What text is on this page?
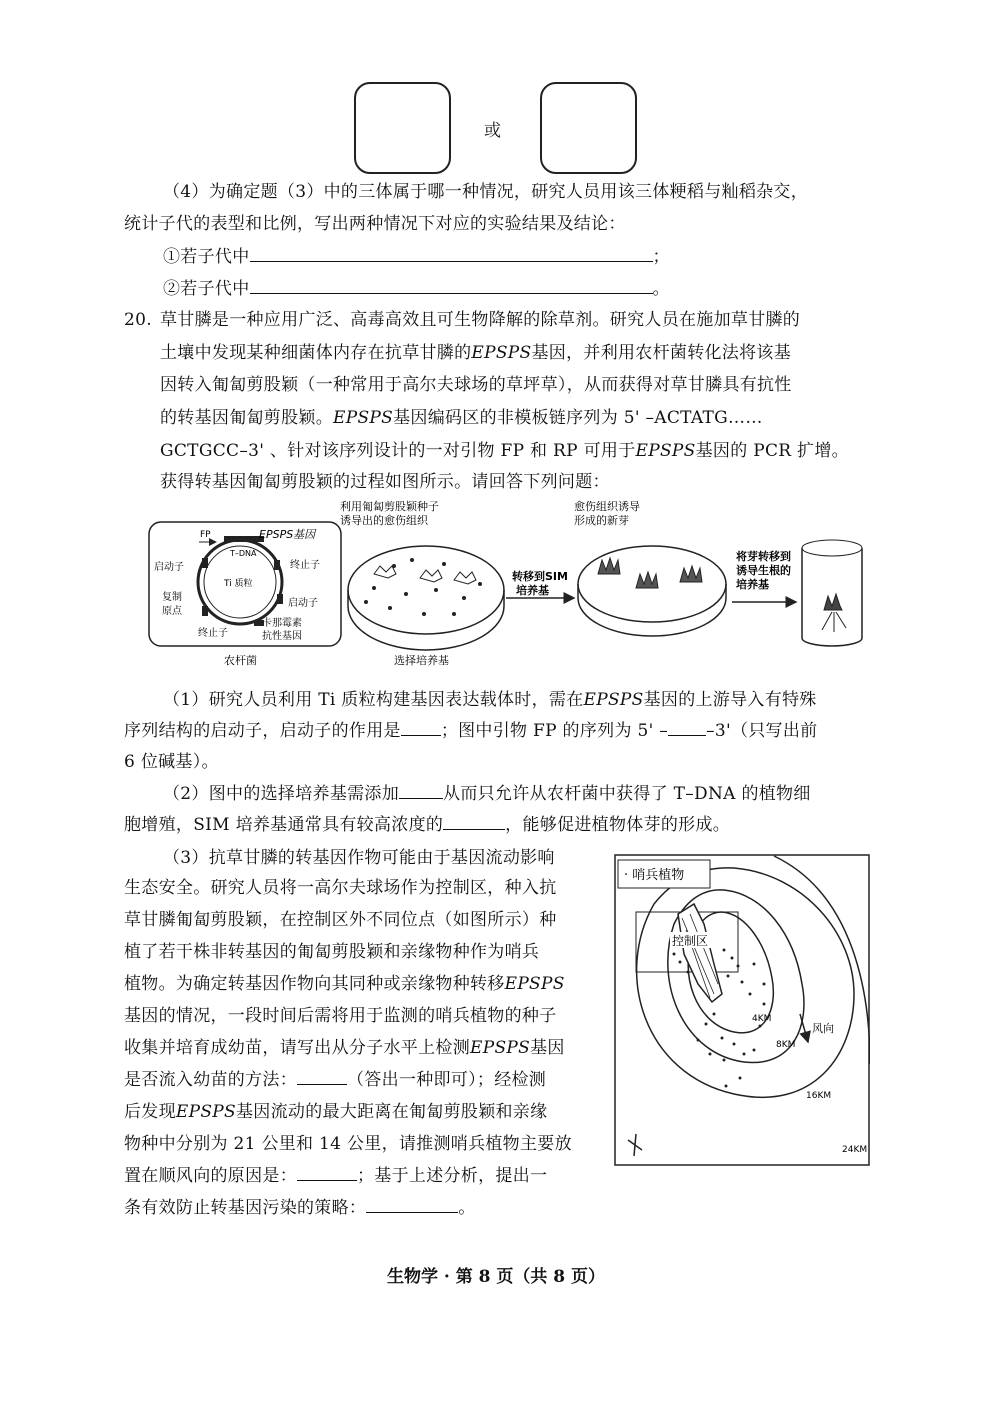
或
（4）为确定题（3）中的三体属于哪一种情况，研究人员用该三体粳稻与籼稻杂交，
统计子代的表型和比例，写出两种情况下对应的实验结果及结论：
①若子代中	；
②若子代中	。
20. 草甘膦是一种应用广泛、高毒高效且可生物降解的除草剂。研究人员在施加草甘膦的
土壤中发现某种细菌体内存在抗草甘膦的EPSPS基因，并利用农杆菌转化法将该基
因转入匍匐剪股颖（一种常用于高尔夫球场的草坪草），从而获得对草甘膦具有抗性
的转基因匍匐剪股颖。EPSPS基因编码区的非模板链序列为 5' –ACTATG……
GCTGCC–3' 、针对该序列设计的一对引物 FP 和 RP 可用于EPSPS基因的 PCR 扩增。
获得转基因匍匐剪股颖的过程如图所示。请回答下列问题：
FP	EPSPS基因
T–DNA
启动子	终止子
Ti 质粒
复制
原点
启动子
终止子
卡那霉素
抗性基因
农杆菌
利用匍匐剪股颖种子
诱导出的愈伤组织
选择培养基
转移到SIM
培养基
愈伤组织诱导
形成的新芽
将芽转移到
诱导生根的
培养基
（1）研究人员利用 Ti 质粒构建基因表达载体时，需在EPSPS基因的上游导入有特殊
序列结构的启动子，启动子的作用是 ；图中引物 FP 的序列为 5' – –3'（只写出前
6 位碱基）。
（2）图中的选择培养基需添加	从而只允许从农杆菌中获得了 T–DNA 的植物细
胞增殖，SIM 培养基通常具有较高浓度的	，能够促进植物体芽的形成。
（3）抗草甘膦的转基因作物可能由于基因流动影响
生态安全。研究人员将一高尔夫球场作为控制区，种入抗
草甘膦匍匐剪股颖，在控制区外不同位点（如图所示）种
植了若干株非转基因的匍匐剪股颖和亲缘物种作为哨兵
植物。为确定转基因作物向其同种或亲缘物种转移EPSPS
基因的情况，一段时间后需将用于监测的哨兵植物的种子
收集并培育成幼苗，请写出从分子水平上检测EPSPS基因
是否流入幼苗的方法：	（答出一种即可）；经检测
后发现EPSPS基因流动的最大距离在匍匐剪股颖和亲缘
物种中分别为 21 公里和 14 公里，请推测哨兵植物主要放
置在顺风向的原因是：	；基于上述分析，提出一
条有效防止转基因污染的策略：	。
控制区
· 哨兵植物
4KM
8KM
16KM
24KM
风向
生物学 · 第 8 页（共 8 页）
